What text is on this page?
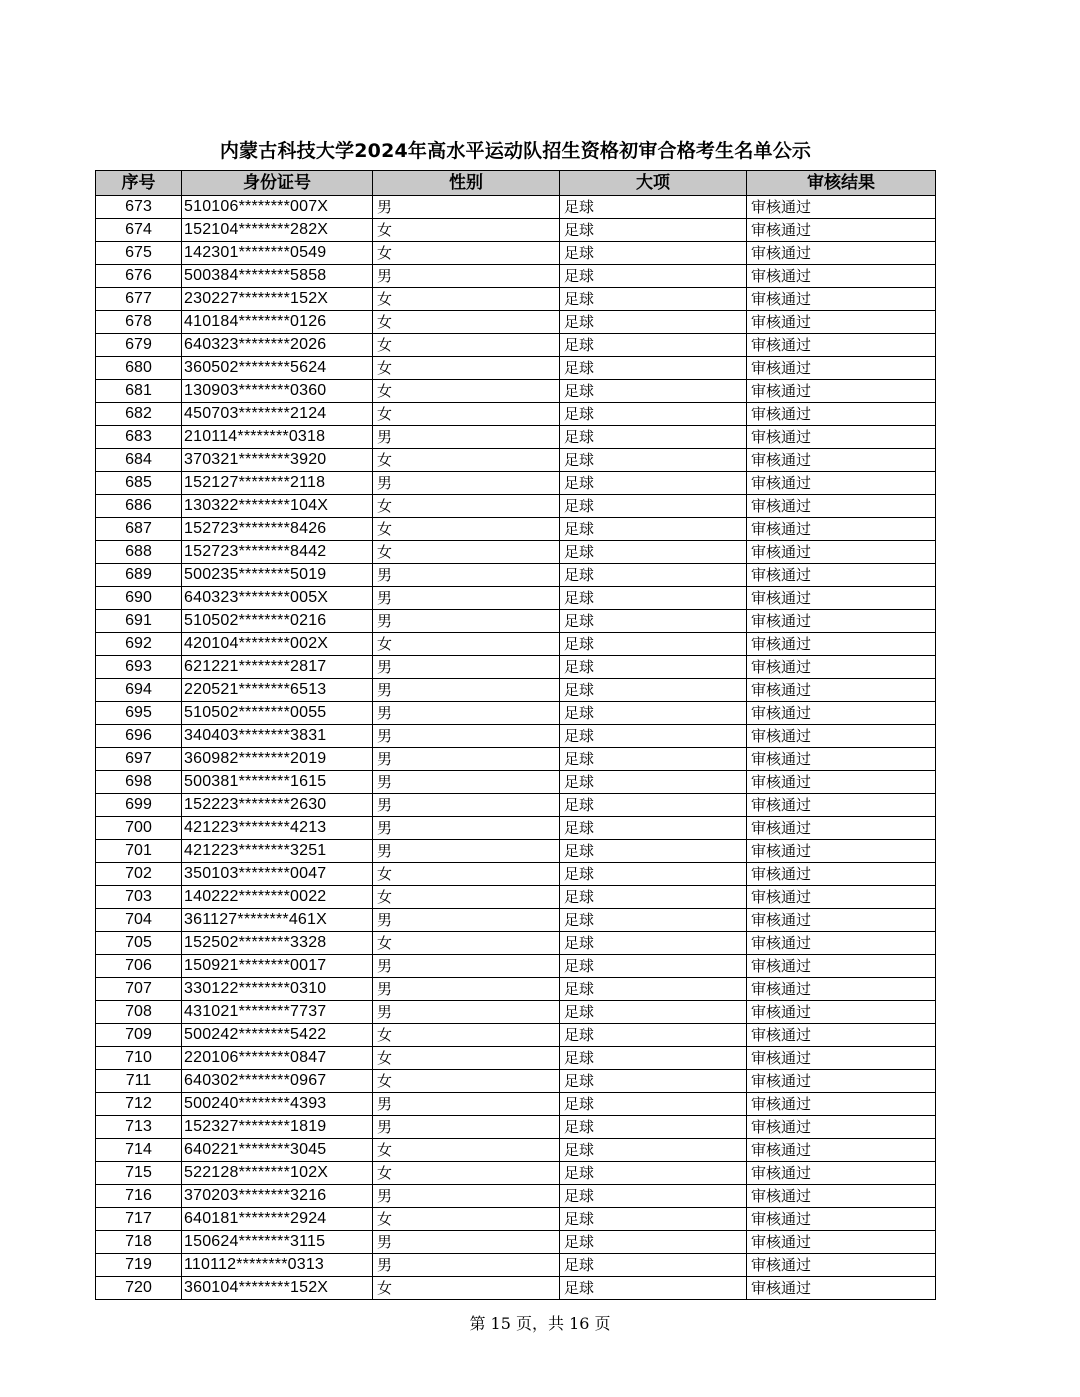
内蒙古科技大学2024年高水平运动队招生资格初审合格考生名单公示
序号	身份证号	性别	大项	审核结果
673	510106********007X	男	足球	审核通过
674	152104********282X	女	足球	审核通过
675	142301********0549	女	足球	审核通过
676	500384********5858	男	足球	审核通过
677	230227********152X	女	足球	审核通过
678	410184********0126	女	足球	审核通过
679	640323********2026	女	足球	审核通过
680	360502********5624	女	足球	审核通过
681	130903********0360	女	足球	审核通过
682	450703********2124	女	足球	审核通过
683	210114********0318	男	足球	审核通过
684	370321********3920	女	足球	审核通过
685	152127********2118	男	足球	审核通过
686	130322********104X	女	足球	审核通过
687	152723********8426	女	足球	审核通过
688	152723********8442	女	足球	审核通过
689	500235********5019	男	足球	审核通过
690	640323********005X	男	足球	审核通过
691	510502********0216	男	足球	审核通过
692	420104********002X	女	足球	审核通过
693	621221********2817	男	足球	审核通过
694	220521********6513	男	足球	审核通过
695	510502********0055	男	足球	审核通过
696	340403********3831	男	足球	审核通过
697	360982********2019	男	足球	审核通过
698	500381********1615	男	足球	审核通过
699	152223********2630	男	足球	审核通过
700	421223********4213	男	足球	审核通过
701	421223********3251	男	足球	审核通过
702	350103********0047	女	足球	审核通过
703	140222********0022	女	足球	审核通过
704	361127********461X	男	足球	审核通过
705	152502********3328	女	足球	审核通过
706	150921********0017	男	足球	审核通过
707	330122********0310	男	足球	审核通过
708	431021********7737	男	足球	审核通过
709	500242********5422	女	足球	审核通过
710	220106********0847	女	足球	审核通过
711	640302********0967	女	足球	审核通过
712	500240********4393	男	足球	审核通过
713	152327********1819	男	足球	审核通过
714	640221********3045	女	足球	审核通过
715	522128********102X	女	足球	审核通过
716	370203********3216	男	足球	审核通过
717	640181********2924	女	足球	审核通过
718	150624********3115	男	足球	审核通过
719	110112********0313	男	足球	审核通过
720	360104********152X	女	足球	审核通过
第 15 页，共 16 页
